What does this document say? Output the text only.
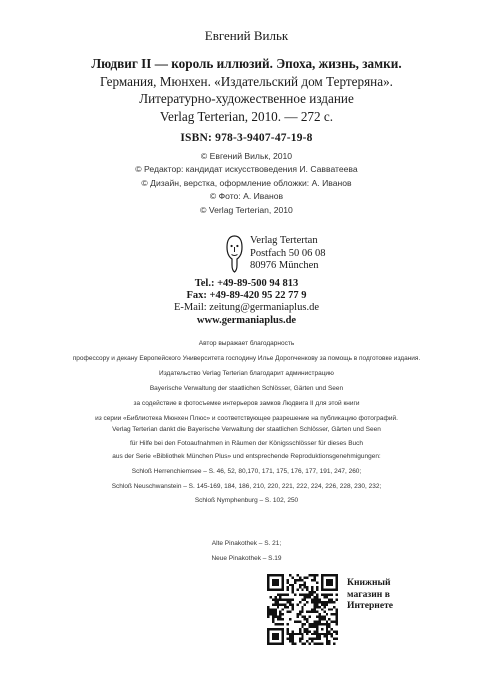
Евгений Вильк
Людвиг II — король иллюзий. Эпоха, жизнь, замки.
Германия, Мюнхен. «Издательский дом Тертеряна».
Литературно-художественное издание
Verlag Terterian, 2010. — 272 с.
ISBN: 978-3-9407-47-19-8
© Евгений Вильк, 2010
© Редактор: кандидат искусствоведения И. Савватеева
© Дизайн, верстка, оформление обложки: А. Иванов
© Фото: А. Иванов
© Verlag Terterian, 2010
Verlag Tertertan
Postfach 50 06 08
80976 München
Tel.: +49-89-500 94 813
Fax: +49-89-420 95 22 77 9
E-Mail: zeitung@germaniaplus.de
www.germaniaplus.de
Автор выражает благодарность
профессору и декану Европейского Университета господину Илье Дорonченкову за помощь в подготовке издания.
Издательство Verlag Terterian благодарит администрацию
Bayerische Verwaltung der staatlichen Schlösser, Gärten und Seen
за содействие в фотосъемке интерьеров замков Людвига II для этой книги
из серии «Библиотека Мюнхен Плюс» и соответствующее разрешение на публикацию фотографий.
Verlag Terterian dankt die Bayerische Verwaltung der staatlichen Schlösser, Gärten und Seen
für Hilfe bei den Fotoaufnahmen in Räumen der Königsschlösser für dieses Buch
aus der Serie «Bibliothek München Plus» und entsprechende Reproduktionsgenehmigungen:
Schloß Herrenchiemsee – S. 46, 52, 80,170, 171, 175, 176, 177, 191, 247, 260;
Schloß Neuschwanstein – S. 145-169, 184, 186, 210, 220, 221, 222, 224, 226, 228, 230, 232;
Schloß Nymphenburg – S. 102, 250
Alte Pinakothek – S. 21;
Neue Pinakothek – S.19
Книжный
магазин в
Интернете
